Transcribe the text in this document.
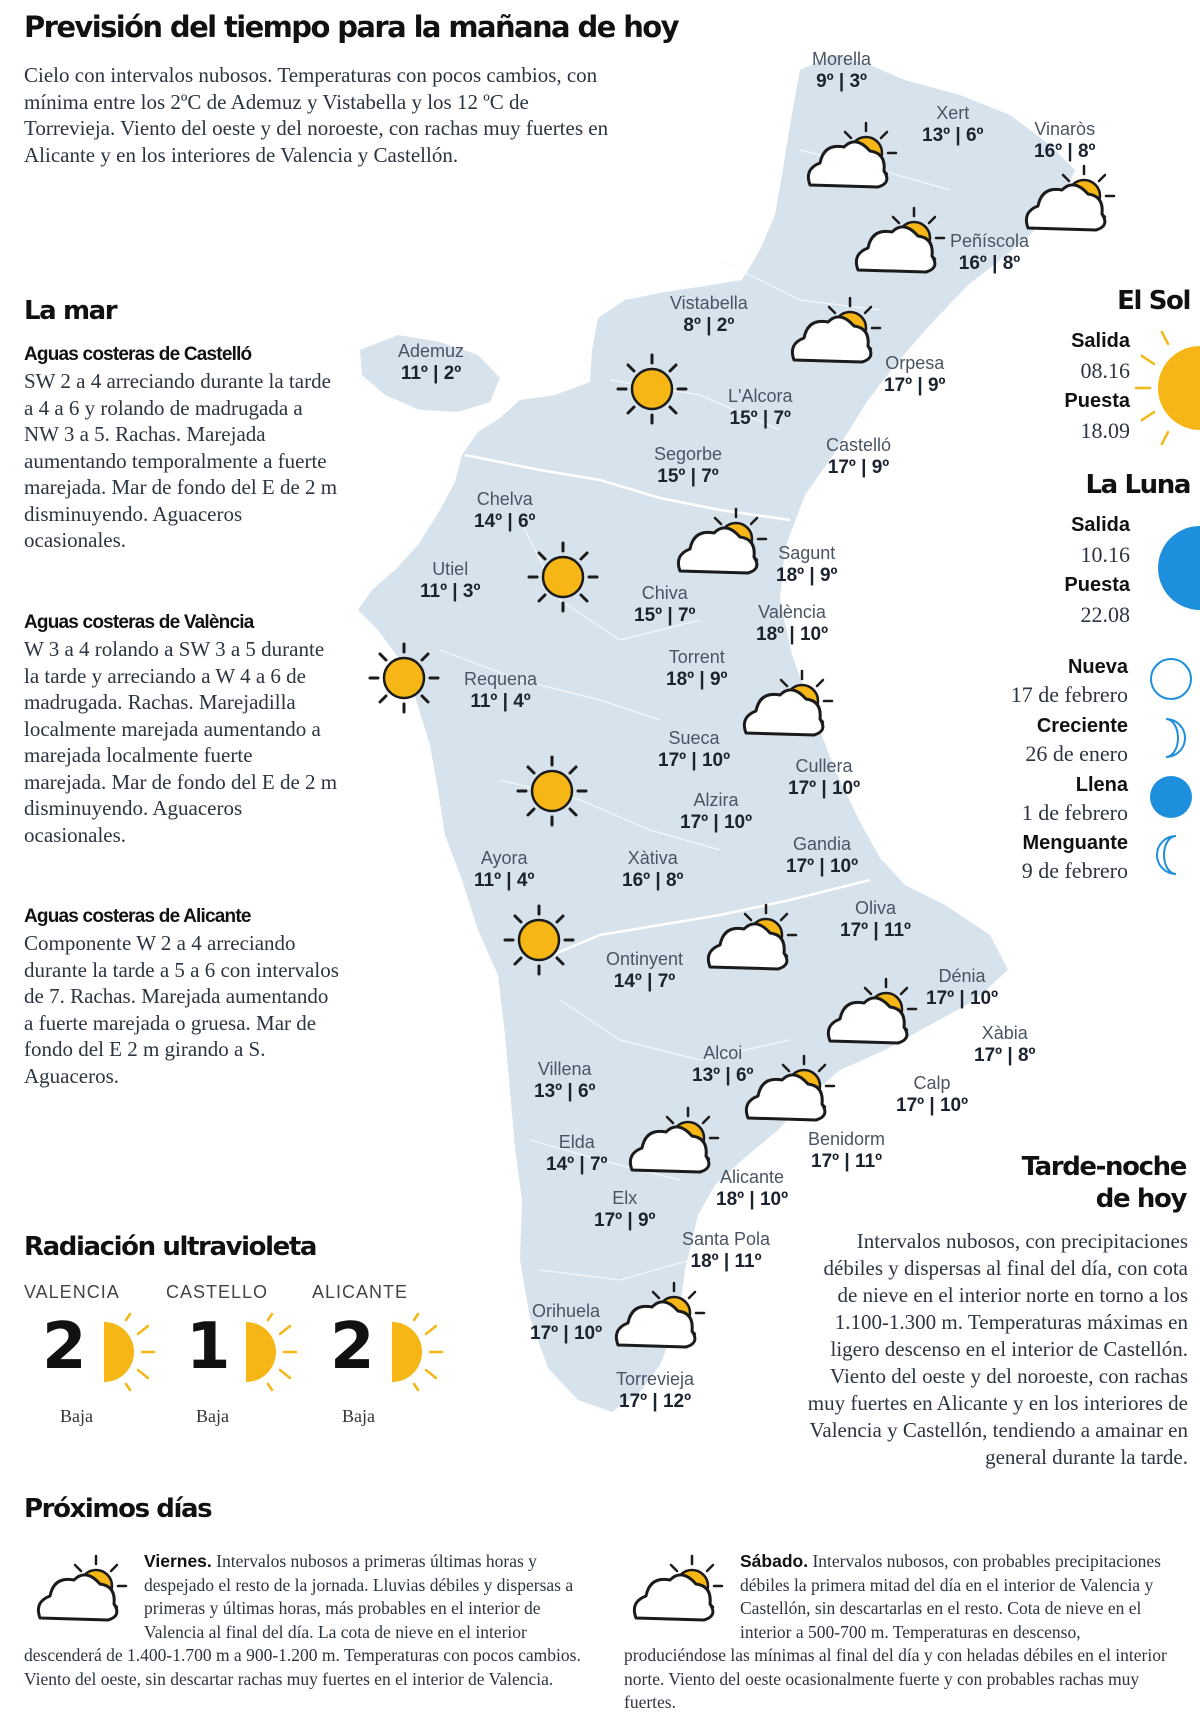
Morella
9º | 3º
Xert
13º | 6º	Vinaròs
16º | 8º
Peñíscola
16º | 8º
Vistabella
8º | 2º
Ademuz
11º | 2º	Orpesa
17º | 9º
L'Alcora
15º | 7º
Segorbe
15º | 7º
Castelló
17º | 9º
Chelva
14º | 6º
Sagunt
18º | 9º
Utiel
11º | 3º	Chiva
15º | 7º	València
18º | 10º
Torrent
18º | 9º
Requena
11º | 4º
Sueca
17º | 10º	Cullera
17º | 10º
Alzira
17º | 10º
Ayora
11º | 4º
Xàtiva
16º | 8º
Gandia
17º | 10º
Oliva
17º | 11º
Ontinyent
14º | 7º	Dénia
17º | 10º
Xàbia
17º | 8º
Villena
13º | 6º
Alcoi
13º | 6º	Calp
17º | 10º
Elda
14º | 7º
Benidorm
17º | 11º
Alicante
18º | 10º
Elx
17º | 9º
Santa Pola
18º | 11º
Orihuela
17º | 10º
Torrevieja
17º | 12º
Previsión del tiempo para la mañana de hoy
Cielo con intervalos nubosos. Temperaturas con pocos cambios, con mínima entre los 2ºC de Ademuz y Vistabella y los 12 ºC de Torrevieja. Viento del oeste y del noroeste, con rachas muy fuertes en Alicante y en los interiores de Valencia y Castellón.
La mar
Aguas costeras de Castelló
SW 2 a 4 arreciando durante la tarde a 4 a 6 y rolando de madrugada a NW 3 a 5. Rachas. Marejada aumentando temporalmente a fuerte marejada. Mar de fondo del E de 2 m disminuyendo. Aguaceros ocasionales.
Aguas costeras de València
W 3 a 4 rolando a SW 3 a 5 durante la tarde y arreciando a W 4 a 6 de madrugada. Rachas. Marejadilla localmente marejada aumentando a marejada localmente fuerte marejada. Mar de fondo del E de 2 m disminuyendo. Aguaceros ocasionales.
Aguas costeras de Alicante
Componente W 2 a 4 arreciando durante la tarde a 5 a 6 con intervalos de 7. Rachas. Marejada aumentando a fuerte marejada o gruesa. Mar de fondo del E 2 m girando a S. Aguaceros.
Radiación ultravioleta
VALENCIA
2
Baja
CASTELLO
1
Baja
ALICANTE
2
Baja
El Sol
Salida
08.16
Puesta
18.09
La Luna
Salida
10.16
Puesta
22.08
Nueva
17 de febrero
Creciente
26 de enero
Llena
1 de febrero
Menguante
9 de febrero
Tarde-noche
de hoy
Intervalos nubosos, con precipitaciones débiles y dispersas al final del día, con cota de nieve en el interior norte en torno a los 1.100-1.300 m. Temperaturas máximas en ligero descenso en el interior de Castellón. Viento del oeste y del noroeste, con rachas muy fuertes en Alicante y en los interiores de Valencia y Castellón, tendiendo a amainar en general durante la tarde.
Próximos días
Viernes. Intervalos nubosos a primeras últimas horas y despejado el resto de la jornada. Lluvias débiles y dispersas a primeras y últimas horas, más probables en el interior de Valencia al final del día. La cota de nieve en el interior descenderá de 1.400-1.700 m a 900-1.200 m. Temperaturas con pocos cambios. Viento del oeste, sin descartar rachas muy fuertes en el interior de Valencia.
Sábado. Intervalos nubosos, con probables precipitaciones débiles la primera mitad del día en el interior de Valencia y Castellón, sin descartarlas en el resto. Cota de nieve en el interior a 500-700 m. Temperaturas en descenso, produciéndose las mínimas al final del día y con heladas débiles en el interior norte. Viento del oeste ocasionalmente fuerte y con probables rachas muy fuertes.
